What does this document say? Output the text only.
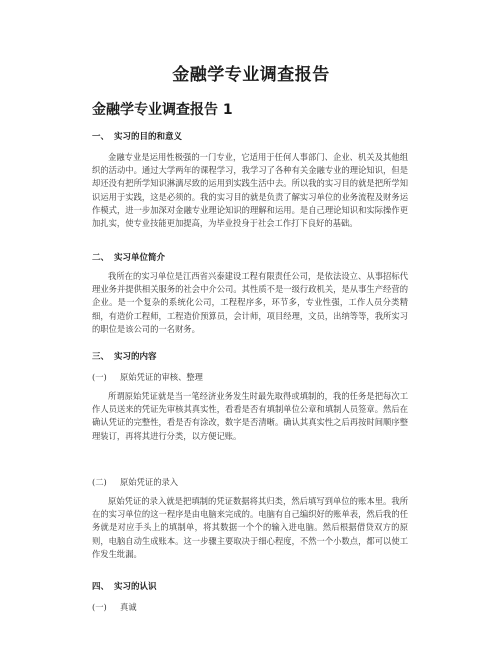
金融学专业调查报告
金融学专业调查报告 1
一、 实习的目的和意义
金融专业是运用性极强的一门专业，它适用于任何人事部门、企业、机关及其他组织的活动中。通过大学两年的课程学习，我学习了各种有关金融专业的理论知识，但是却还没有把所学知识淋漓尽致的运用到实践生活中去。所以我的实习目的就是把所学知识运用于实践，这是必须的。我的实习目的就是负责了解实习单位的业务流程及财务运作模式，进一步加深对金融专业理论知识的理解和运用。是自己理论知识和实际操作更加扎实，使专业技能更加提高，为毕业投身于社会工作打下良好的基础。
二、 实习单位简介
我所在的实习单位是江西省兴泰建设工程有限责任公司，是依法设立、从事招标代理业务并提供相关服务的社会中介公司。其性质不是一级行政机关，是从事生产经营的企业。是一个复杂的系统化公司，工程程序多，环节多，专业性强，工作人员分类精细，有造价工程师，工程造价预算员，会计师，项目经理，文员，出纳等等，我所实习的职位是该公司的一名财务。
三、 实习的内容
(一) 原始凭证的审核、整理
所谓原始凭证就是当一笔经济业务发生时最先取得或填制的，我的任务是把每次工作人员送来的凭证先审核其真实性，看看是否有填制单位公章和填制人员签章。然后在确认凭证的完整性，看是否有涂改，数字是否清晰。确认其真实性之后再按时间顺序整理装订，再将其进行分类，以方便记账。
(二) 原始凭证的录入
原始凭证的录入就是把填制的凭证数据将其归类，然后填写到单位的账本里。我所在的实习单位的这一程序是由电脑来完成的。电脑有自己编织好的账单表，然后我的任务就是对应手头上的填制单，将其数据一个个的输入进电脑。然后根据借贷双方的原则，电脑自动生成账本。这一步骤主要取决于细心程度，不然一个小数点，都可以使工作发生纰漏。
四、 实习的认识
(一) 真诚
